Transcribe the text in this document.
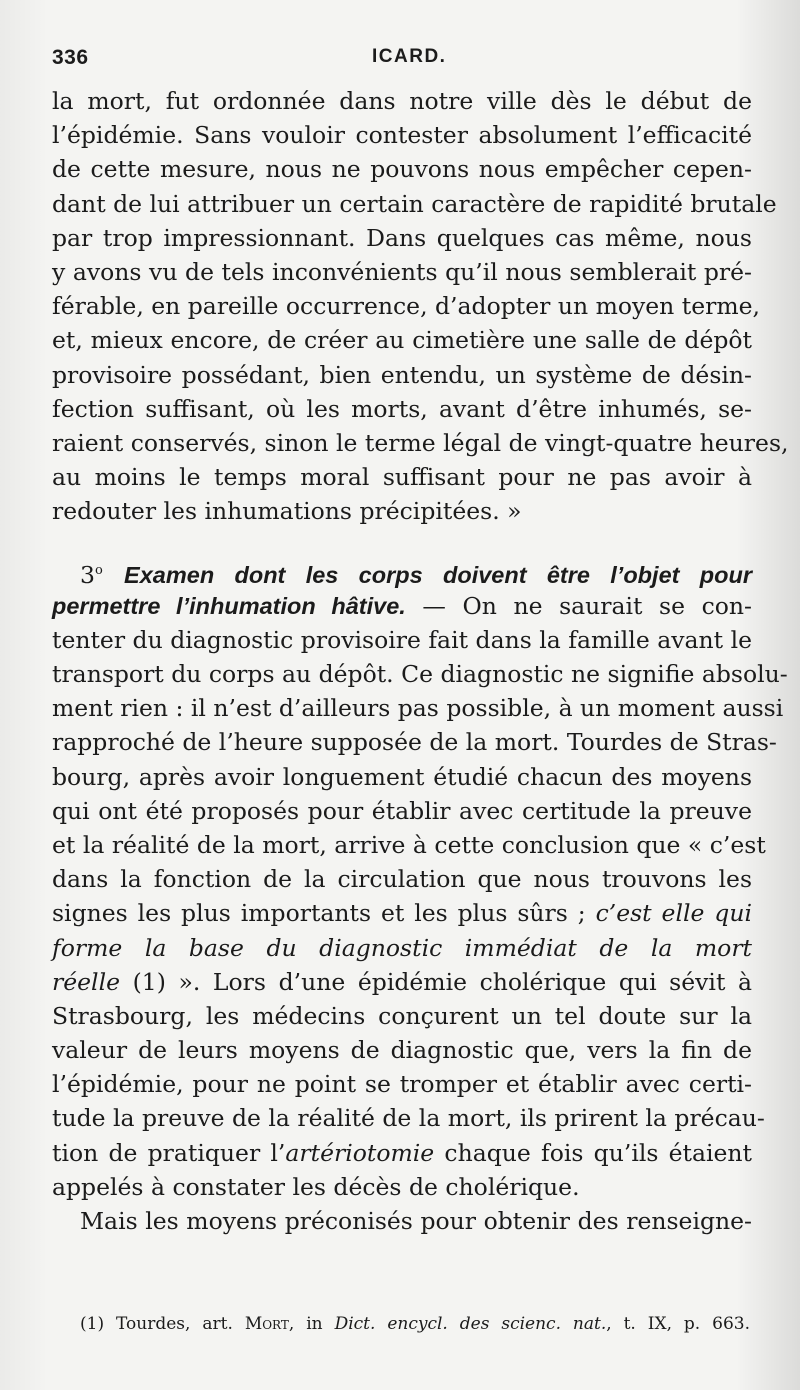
336	ICARD.
la mort, fut ordonnée dans notre ville dès le début de
l’épidémie. Sans vouloir contester absolument l’efficacité
de cette mesure, nous ne pouvons nous empêcher cepen-
dant de lui attribuer un certain caractère de rapidité brutale
par trop impressionnant. Dans quelques cas même, nous
y avons vu de tels inconvénients qu’il nous semblerait pré-
férable, en pareille occurrence, d’adopter un moyen terme,
et, mieux encore, de créer au cimetière une salle de dépôt
provisoire possédant, bien entendu, un système de désin-
fection suffisant, où les morts, avant d’être inhumés, se-
raient conservés, sinon le terme légal de vingt-quatre heures,
au moins le temps moral suffisant pour ne pas avoir à
redouter les inhumations précipitées. »
3$^o$ Examen dont les corps doivent être l’objet pour
permettre l’inhumation hâtive. — On ne saurait se con-
tenter du diagnostic provisoire fait dans la famille avant le
transport du corps au dépôt. Ce diagnostic ne signifie absolu-
ment rien : il n’est d’ailleurs pas possible, à un moment aussi
rapproché de l’heure supposée de la mort. Tourdes de Stras-
bourg, après avoir longuement étudié chacun des moyens
qui ont été proposés pour établir avec certitude la preuve
et la réalité de la mort, arrive à cette conclusion que « c’est
dans la fonction de la circulation que nous trouvons les
signes les plus importants et les plus sûrs ; c’est elle qui
forme la base du diagnostic immédiat de la mort
réelle (1) ». Lors d’une épidémie cholérique qui sévit à
Strasbourg, les médecins conçurent un tel doute sur la
valeur de leurs moyens de diagnostic que, vers la fin de
l’épidémie, pour ne point se tromper et établir avec certi-
tude la preuve de la réalité de la mort, ils prirent la précau-
tion de pratiquer l’artériotomie chaque fois qu’ils étaient
appelés à constater les décès de cholérique.
Mais les moyens préconisés pour obtenir des renseigne-
(1) Tourdes, art. Mort, in Dict. encycl. des scienc. nat., t. IX, p. 663.
